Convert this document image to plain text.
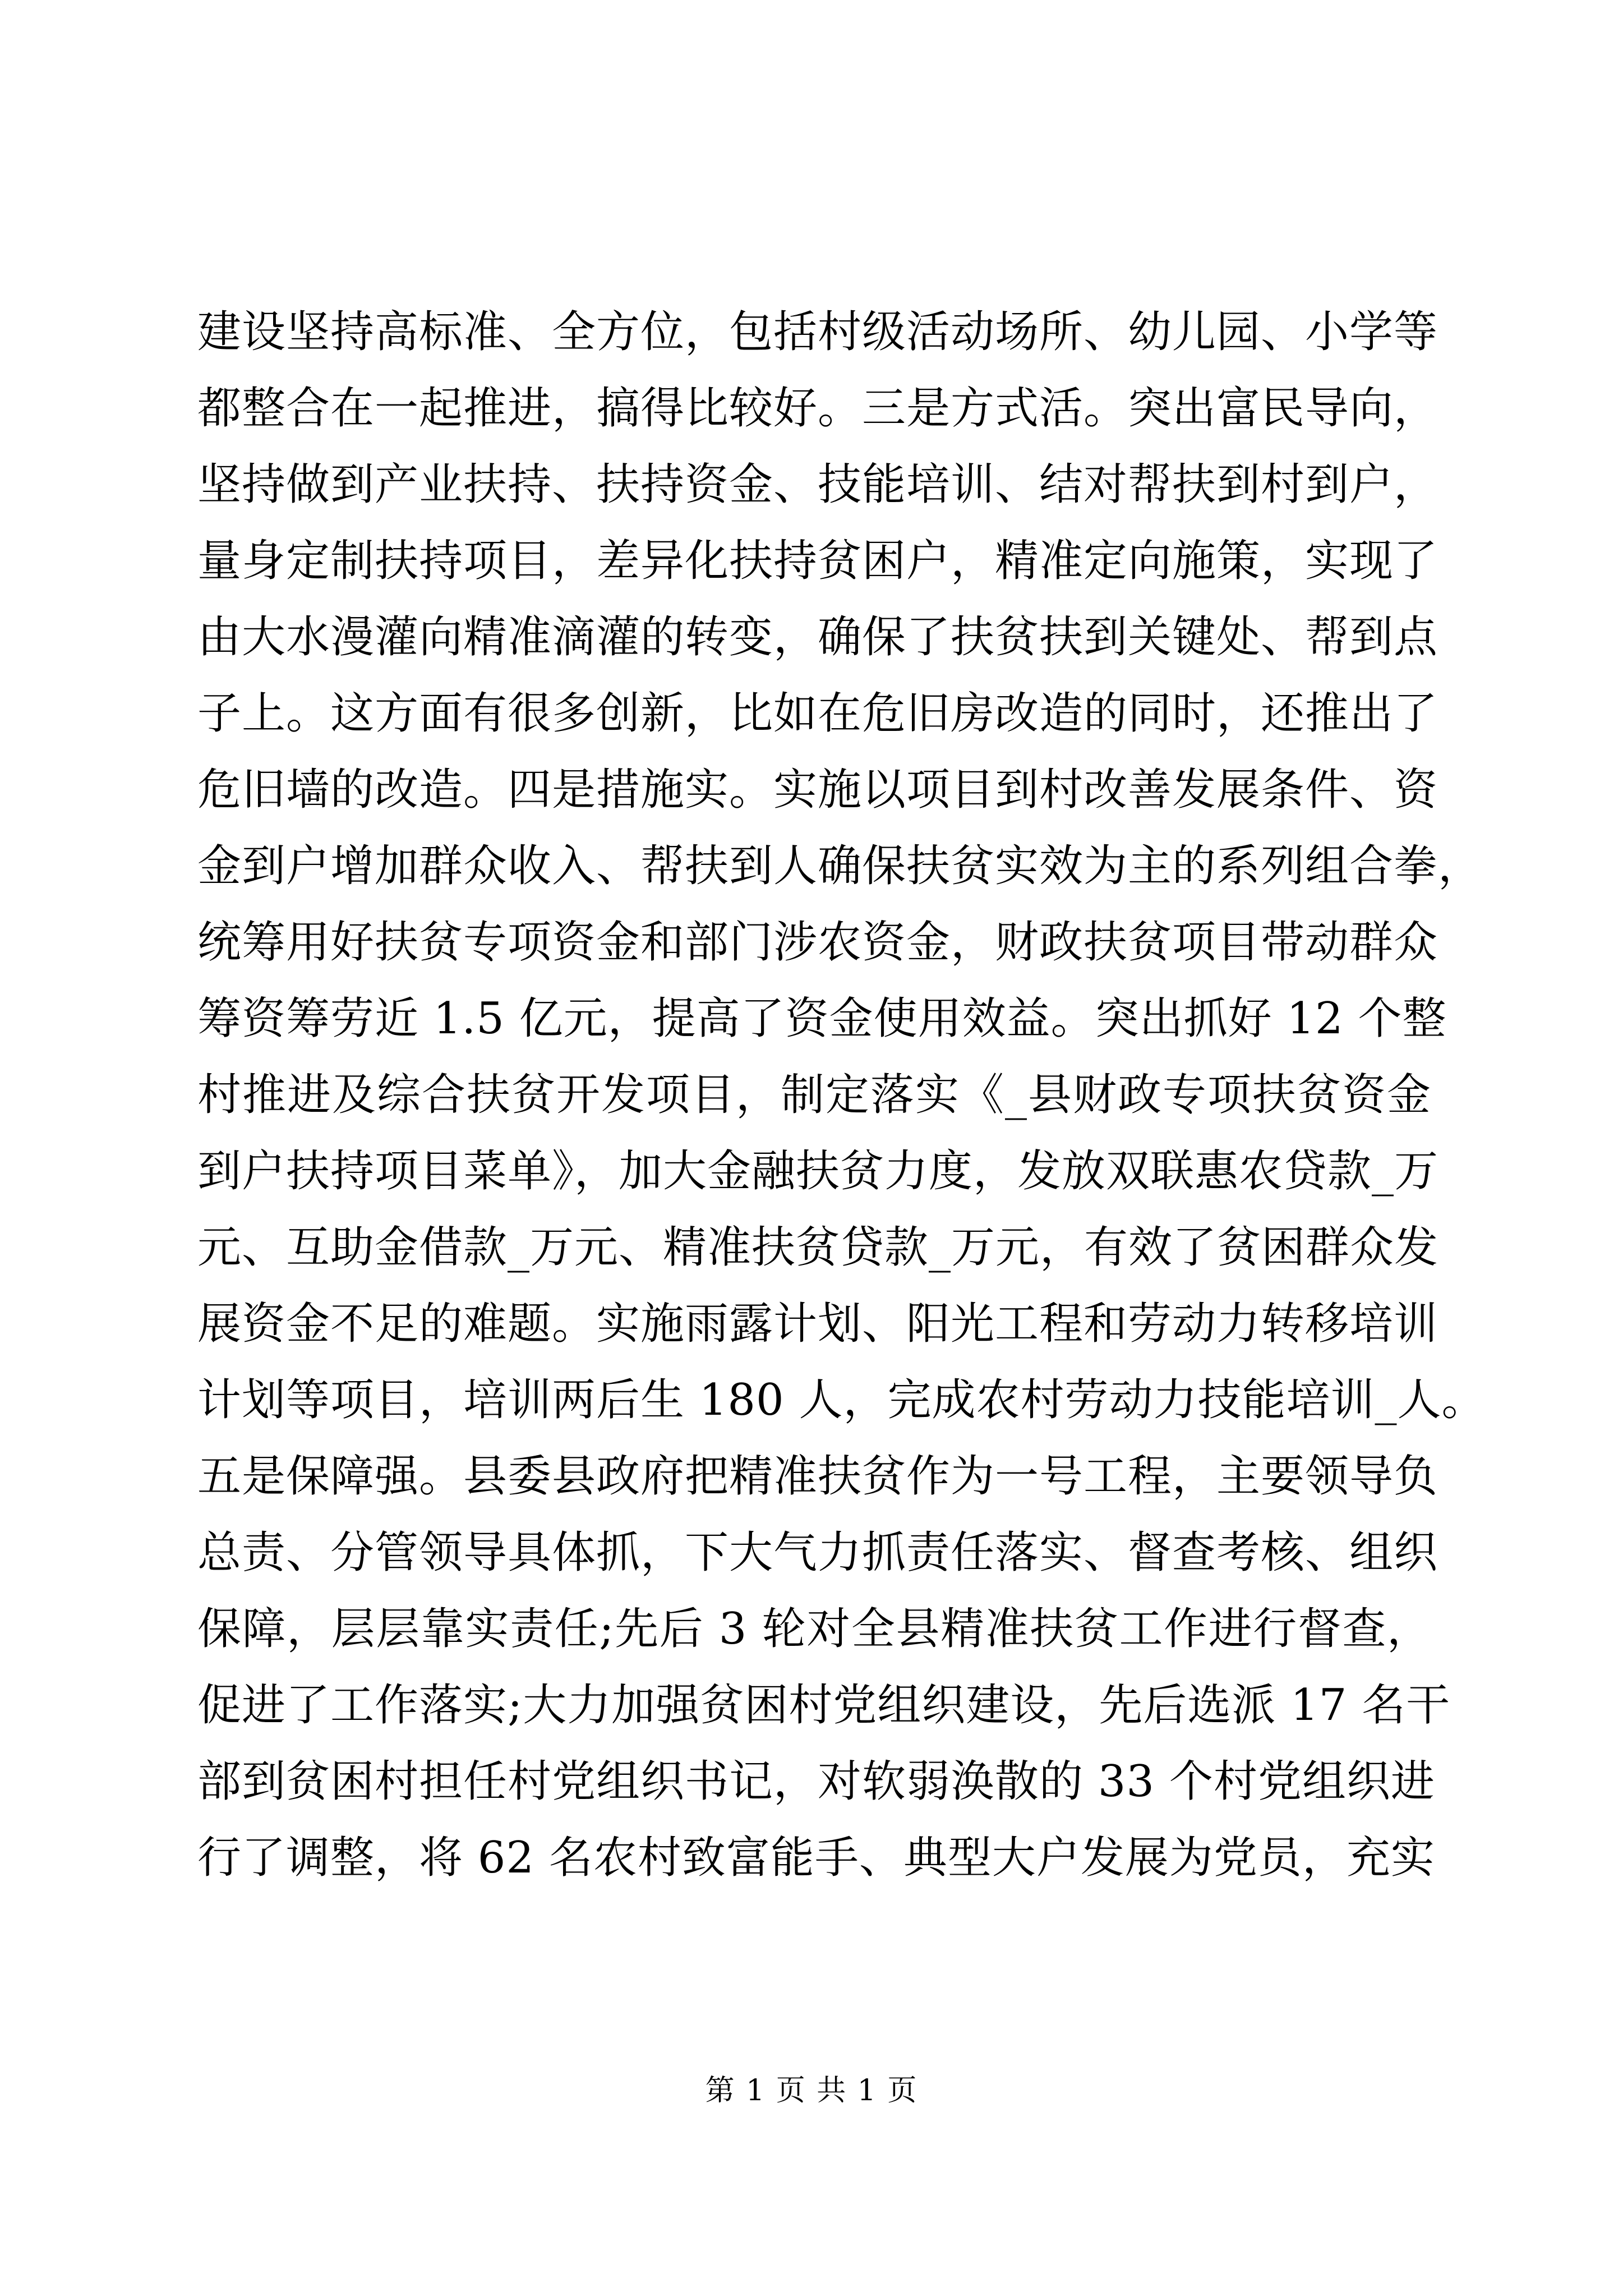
建设坚持高标准、全方位，包括村级活动场所、幼儿园、小学等
都整合在一起推进，搞得比较好。三是方式活。突出富民导向，
坚持做到产业扶持、扶持资金、技能培训、结对帮扶到村到户，
量身定制扶持项目，差异化扶持贫困户，精准定向施策，实现了
由大水漫灌向精准滴灌的转变，确保了扶贫扶到关键处、帮到点
子上。这方面有很多创新，比如在危旧房改造的同时，还推出了
危旧墙的改造。四是措施实。实施以项目到村改善发展条件、资
金到户增加群众收入、帮扶到人确保扶贫实效为主的系列组合拳，
统筹用好扶贫专项资金和部门涉农资金，财政扶贫项目带动群众
筹资筹劳近 1.5 亿元，提高了资金使用效益。突出抓好 12 个整
村推进及综合扶贫开发项目，制定落实《_县财政专项扶贫资金
到户扶持项目菜单》，加大金融扶贫力度，发放双联惠农贷款_万
元、互助金借款_万元、精准扶贫贷款_万元，有效了贫困群众发
展资金不足的难题。实施雨露计划、阳光工程和劳动力转移培训
计划等项目，培训两后生 180 人，完成农村劳动力技能培训_人。
五是保障强。县委县政府把精准扶贫作为一号工程，主要领导负
总责、分管领导具体抓，下大气力抓责任落实、督查考核、组织
保障，层层靠实责任;先后 3 轮对全县精准扶贫工作进行督查，
促进了工作落实;大力加强贫困村党组织建设，先后选派 17 名干
部到贫困村担任村党组织书记，对软弱涣散的 33 个村党组织进
行了调整，将 62 名农村致富能手、典型大户发展为党员，充实
第 1 页 共 1 页
